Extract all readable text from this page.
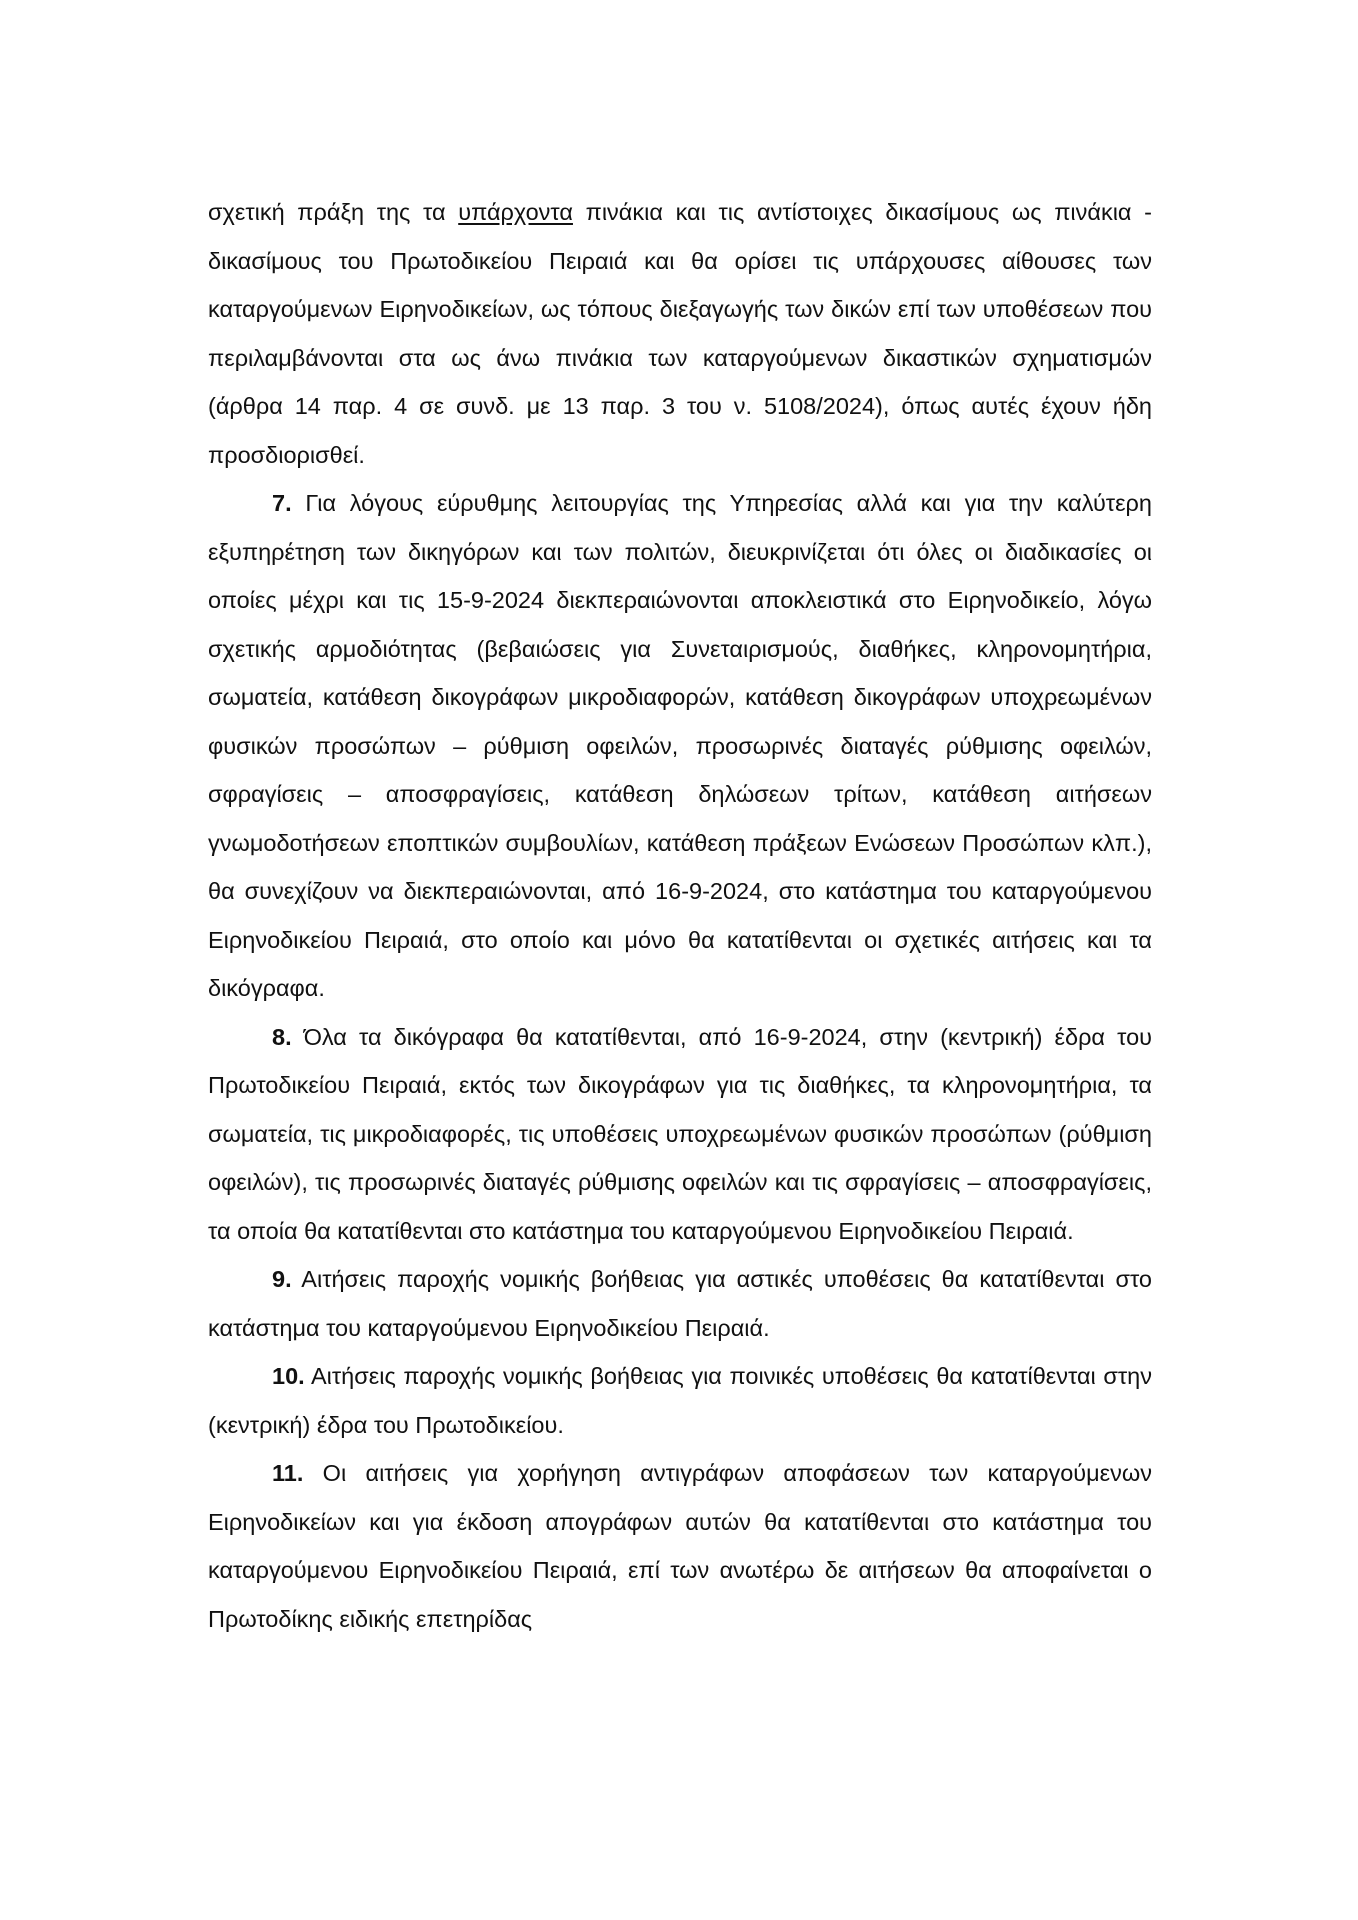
σχετική πράξη της τα υπάρχοντα πινάκια και τις αντίστοιχες δικασίμους ως πινάκια - δικασίμους του Πρωτοδικείου Πειραιά και θα ορίσει τις υπάρχουσες αίθουσες των καταργούμενων Ειρηνοδικείων, ως τόπους διεξαγωγής των δικών επί των υποθέσεων που περιλαμβάνονται στα ως άνω πινάκια των καταργούμενων δικαστικών σχηματισμών (άρθρα 14 παρ. 4 σε συνδ. με 13 παρ. 3 του ν. 5108/2024), όπως αυτές έχουν ήδη προσδιορισθεί.

7. Για λόγους εύρυθμης λειτουργίας της Υπηρεσίας αλλά και για την καλύτερη εξυπηρέτηση των δικηγόρων και των πολιτών, διευκρινίζεται ότι όλες οι διαδικασίες οι οποίες μέχρι και τις 15-9-2024 διεκπεραιώνονται αποκλειστικά στο Ειρηνοδικείο, λόγω σχετικής αρμοδιότητας (βεβαιώσεις για Συνεταιρισμούς, διαθήκες, κληρονομητήρια, σωματεία, κατάθεση δικογράφων μικροδιαφορών, κατάθεση δικογράφων υποχρεωμένων φυσικών προσώπων – ρύθμιση οφειλών, προσωρινές διαταγές ρύθμισης οφειλών, σφραγίσεις – αποσφραγίσεις, κατάθεση δηλώσεων τρίτων, κατάθεση αιτήσεων γνωμοδοτήσεων εποπτικών συμβουλίων, κατάθεση πράξεων Ενώσεων Προσώπων κλπ.), θα συνεχίζουν να διεκπεραιώνονται, από 16-9-2024, στο κατάστημα του καταργούμενου Ειρηνοδικείου Πειραιά, στο οποίο και μόνο θα κατατίθενται οι σχετικές αιτήσεις και τα δικόγραφα.

8. Όλα τα δικόγραφα θα κατατίθενται, από 16-9-2024, στην (κεντρική) έδρα του Πρωτοδικείου Πειραιά, εκτός των δικογράφων για τις διαθήκες, τα κληρονομητήρια, τα σωματεία, τις μικροδιαφορές, τις υποθέσεις υποχρεωμένων φυσικών προσώπων (ρύθμιση οφειλών), τις προσωρινές διαταγές ρύθμισης οφειλών και τις σφραγίσεις – αποσφραγίσεις, τα οποία θα κατατίθενται στο κατάστημα του καταργούμενου Ειρηνοδικείου Πειραιά.

9. Αιτήσεις παροχής νομικής βοήθειας για αστικές υποθέσεις θα κατατίθενται στο κατάστημα του καταργούμενου Ειρηνοδικείου Πειραιά.

10. Αιτήσεις παροχής νομικής βοήθειας για ποινικές υποθέσεις θα κατατίθενται στην (κεντρική) έδρα του Πρωτοδικείου.

11. Οι αιτήσεις για χορήγηση αντιγράφων αποφάσεων των καταργούμενων Ειρηνοδικείων και για έκδοση απογράφων αυτών θα κατατίθενται στο κατάστημα του καταργούμενου Ειρηνοδικείου Πειραιά, επί των ανωτέρω δε αιτήσεων θα αποφαίνεται ο Πρωτοδίκης ειδικής επετηρίδας
